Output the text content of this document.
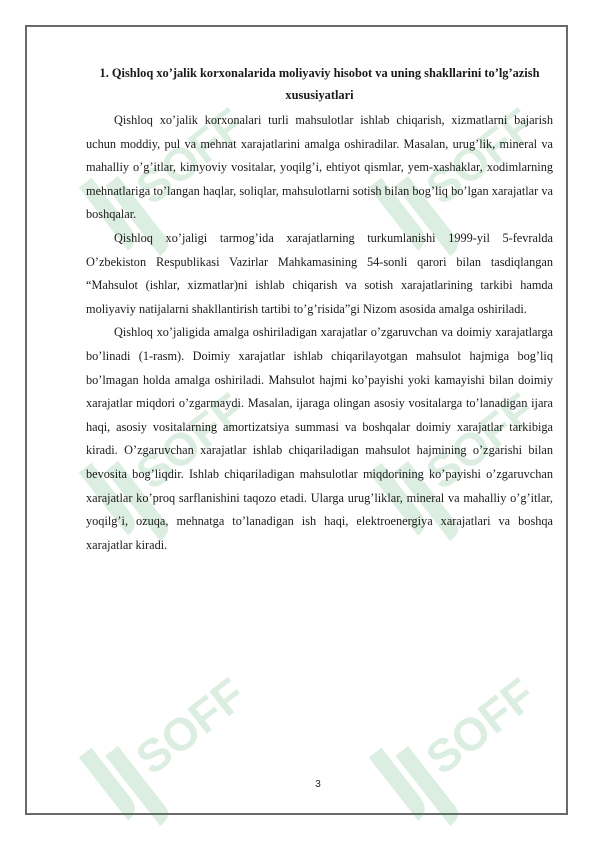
SOFF	SOFF
SOFF	SOFF
SOFF	SOFF

1. Qishloq xo’jalik korxonalarida moliyaviy hisobot va uning shakllarini to’lg’azish xususiyatlari

Qishloq xo’jalik korxonalari turli mahsulotlar ishlab chiqarish, xizmatlarni bajarish uchun moddiy, pul va mehnat xarajatlarini amalga oshiradilar. Masalan, urug’lik, mineral va mahalliy o’g’itlar, kimyoviy vositalar, yoqilg’i, ehtiyot qismlar, yem-xashaklar, xodimlarning mehnatlariga to’langan haqlar, soliqlar, mahsulotlarni sotish bilan bog’liq bo’lgan xarajatlar va boshqalar.

Qishloq xo’jaligi tarmog’ida xarajatlarning turkumlanishi 1999-yil 5-fevralda O’zbekiston Respublikasi Vazirlar Mahkamasining 54-sonli qarori bilan tasdiqlangan “Mahsulot (ishlar, xizmatlar)ni ishlab chiqarish va sotish xarajatlarining tarkibi hamda moliyaviy natijalarni shakllantirish tartibi to’g’risida”gi Nizom asosida amalga oshiriladi.

Qishloq xo’jaligida amalga oshiriladigan xarajatlar o’zgaruvchan va doimiy xarajatlarga bo’linadi (1-rasm). Doimiy xarajatlar ishlab chiqarilayotgan mahsulot hajmiga bog’liq bo’lmagan holda amalga oshiriladi. Mahsulot hajmi ko’payishi yoki kamayishi bilan doimiy xarajatlar miqdori o’zgarmaydi. Masalan, ijaraga olingan asosiy vositalarga to’lanadigan ijara haqi, asosiy vositalarning amortizatsiya summasi va boshqalar doimiy xarajatlar tarkibiga kiradi. O’zgaruvchan xarajatlar ishlab chiqariladigan mahsulot hajmining o’zgarishi bilan bevosita bog’liqdir. Ishlab chiqariladigan mahsulotlar miqdorining ko’payishi o’zgaruvchan xarajatlar ko’proq sarflanishini taqozo etadi. Ularga urug’liklar, mineral va mahalliy o’g’itlar, yoqilg’i, ozuqa, mehnatga to’lanadigan ish haqi, elektroenergiya xarajatlari va boshqa xarajatlar kiradi.

3
